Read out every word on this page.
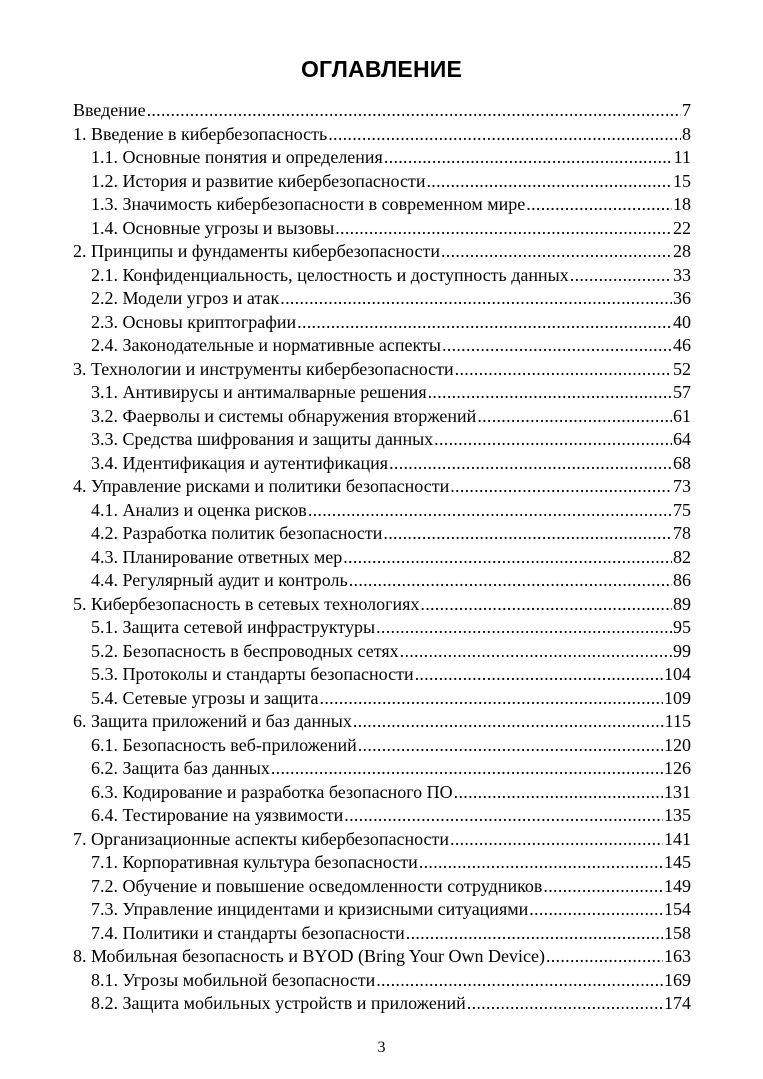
ОГЛАВЛЕНИЕ
Введение .....	7
1. Введение в кибербезопасность .....	8
1.1. Основные понятия и определения .....	11
1.2. История и развитие кибербезопасности .....	15
1.3. Значимость кибербезопасности в современном мире .....	18
1.4. Основные угрозы и вызовы .....	22
2. Принципы и фундаменты кибербезопасности .....	28
2.1. Конфиденциальность, целостность и доступность данных .....	33
2.2. Модели угроз и атак .....	36
2.3. Основы криптографии .....	40
2.4. Законодательные и нормативные аспекты .....	46
3. Технологии и инструменты кибербезопасности .....	52
3.1. Антивирусы и антималварные решения .....	57
3.2. Фаерволы и системы обнаружения вторжений .....	61
3.3. Средства шифрования и защиты данных .....	64
3.4. Идентификация и аутентификация .....	68
4. Управление рисками и политики безопасности .....	73
4.1. Анализ и оценка рисков .....	75
4.2. Разработка политик безопасности .....	78
4.3. Планирование ответных мер .....	82
4.4. Регулярный аудит и контроль .....	86
5. Кибербезопасность в сетевых технологиях .....	89
5.1. Защита сетевой инфраструктуры .....	95
5.2. Безопасность в беспроводных сетях .....	99
5.3. Протоколы и стандарты безопасности .....	104
5.4. Сетевые угрозы и защита .....	109
6. Защита приложений и баз данных .....	115
6.1. Безопасность веб-приложений .....	120
6.2. Защита баз данных .....	126
6.3. Кодирование и разработка безопасного ПО .....	131
6.4. Тестирование на уязвимости .....	135
7. Организационные аспекты кибербезопасности .....	141
7.1. Корпоративная культура безопасности .....	145
7.2. Обучение и повышение осведомленности сотрудников .....	149
7.3. Управление инцидентами и кризисными ситуациями .....	154
7.4. Политики и стандарты безопасности .....	158
8. Мобильная безопасность и BYOD (Bring Your Own Device) .....	163
8.1. Угрозы мобильной безопасности .....	169
8.2. Защита мобильных устройств и приложений .....	174
3
